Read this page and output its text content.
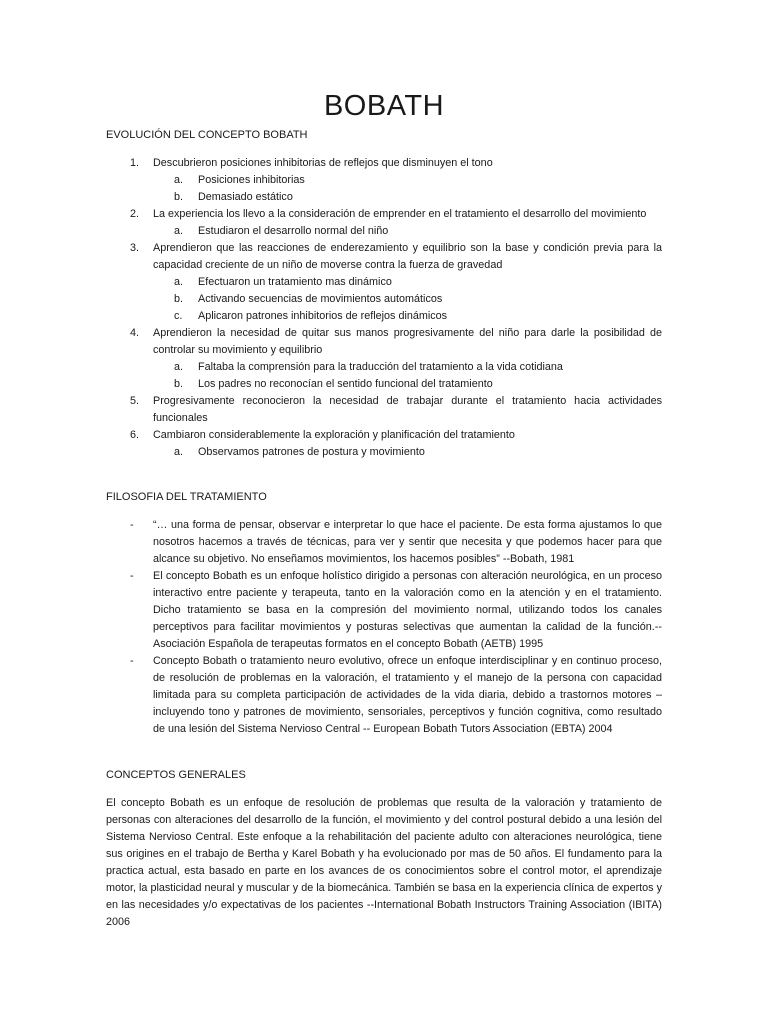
BOBATH
EVOLUCIÓN DEL CONCEPTO BOBATH
1. Descubrieron posiciones inhibitorias de reflejos que disminuyen el tono
a. Posiciones inhibitorias
b. Demasiado estático
2. La experiencia los llevo a la consideración de emprender en el tratamiento el desarrollo del movimiento
a. Estudiaron el desarrollo normal del niño
3. Aprendieron que las reacciones de enderezamiento y equilibrio son la base y condición previa para la capacidad creciente de un niño de moverse contra la fuerza de gravedad
a. Efectuaron un tratamiento mas dinámico
b. Activando secuencias de movimientos automáticos
c. Aplicaron patrones inhibitorios de reflejos dinámicos
4. Aprendieron la necesidad de quitar sus manos progresivamente del niño para darle la posibilidad de controlar su movimiento y equilibrio
a. Faltaba la comprensión para la traducción del tratamiento a la vida cotidiana
b. Los padres no reconocían el sentido funcional del tratamiento
5. Progresivamente reconocieron la necesidad de trabajar durante el tratamiento hacia actividades funcionales
6. Cambiaron considerablemente la exploración y planificación del tratamiento
a. Observamos patrones de postura y movimiento
FILOSOFIA DEL TRATAMIENTO
- “… una forma de pensar, observar e interpretar lo que hace el paciente. De esta forma ajustamos lo que nosotros hacemos a través de técnicas, para ver y sentir que necesita y que podemos hacer para que alcance su objetivo. No enseñamos movimientos, los hacemos posibles” --Bobath, 1981
- El concepto Bobath es un enfoque holístico dirigido a personas con alteración neurológica, en un proceso interactivo entre paciente y terapeuta, tanto en la valoración como en la atención y en el tratamiento. Dicho tratamiento se basa en la compresión del movimiento normal, utilizando todos los canales perceptivos para facilitar movimientos y posturas selectivas que aumentan la calidad de la función.--Asociación Española de terapeutas formatos en el concepto Bobath (AETB) 1995
- Concepto Bobath o tratamiento neuro evolutivo, ofrece un enfoque interdisciplinar y en continuo proceso, de resolución de problemas en la valoración, el tratamiento y el manejo de la persona con capacidad limitada para su completa participación de actividades de la vida diaria, debido a trastornos motores – incluyendo tono y patrones de movimiento, sensoriales, perceptivos y función cognitiva, como resultado de una lesión del Sistema Nervioso Central -- European Bobath Tutors Association (EBTA) 2004
CONCEPTOS GENERALES
El concepto Bobath es un enfoque de resolución de problemas que resulta de la valoración y tratamiento de personas con alteraciones del desarrollo de la función, el movimiento y del control postural debido a una lesión del Sistema Nervioso Central. Este enfoque a la rehabilitación del paciente adulto con alteraciones neurológica, tiene sus origines en el trabajo de Bertha y Karel Bobath y ha evolucionado por mas de 50 años. El fundamento para la practica actual, esta basado en parte en los avances de os conocimientos sobre el control motor, el aprendizaje motor, la plasticidad neural y muscular y de la biomecánica. También se basa en la experiencia clínica de expertos y en las necesidades y/o expectativas de los pacientes --International Bobath Instructors Training Association (IBITA) 2006
